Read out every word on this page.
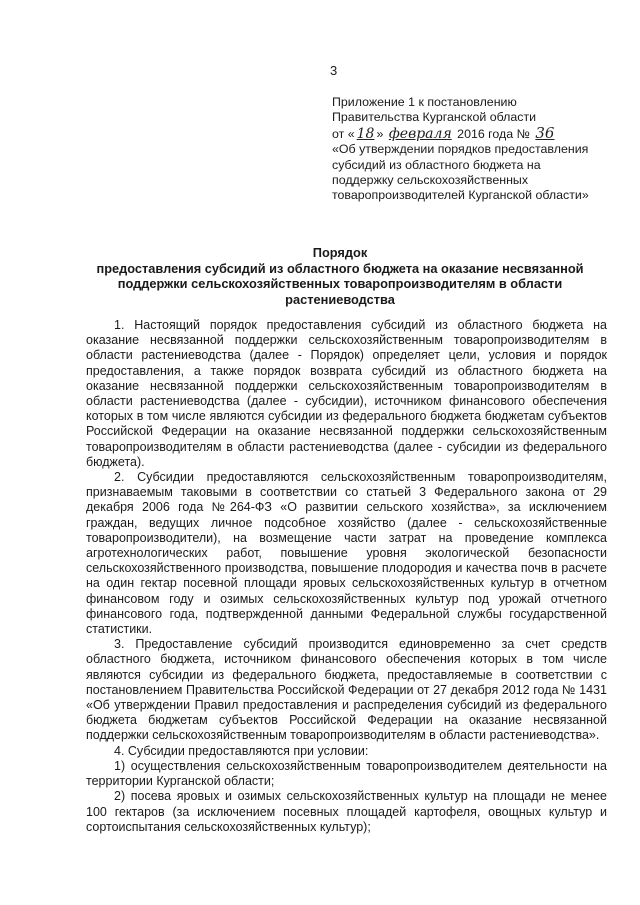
3
Приложение 1 к постановлению
Правительства Курганской области
от « 18 » февраля 2016 года № 36
«Об утверждении порядков предоставления
субсидий из областного бюджета на
поддержку сельскохозяйственных
товаропроизводителей Курганской области»
Порядок
предоставления субсидий из областного бюджета на оказание несвязанной
поддержки сельскохозяйственных товаропроизводителям в области
растениеводства

1. Настоящий порядок предоставления субсидий из областного бюджета на оказание несвязанной поддержки сельскохозяйственным товаропроизводителям в области растениеводства (далее - Порядок) определяет цели, условия и порядок предоставления, а также порядок возврата субсидий из областного бюджета на оказание несвязанной поддержки сельскохозяйственным товаропроизводителям в области растениеводства (далее - субсидии), источником финансового обеспечения которых в том числе являются субсидии из федерального бюджета бюджетам субъектов Российской Федерации на оказание несвязанной поддержки сельскохозяйственным товаропроизводителям в области растениеводства (далее - субсидии из федерального бюджета).

2. Субсидии предоставляются сельскохозяйственным товаропроизводителям, признаваемым таковыми в соответствии со статьей 3 Федерального закона от 29 декабря 2006 года №264-ФЗ «О развитии сельского хозяйства», за исключением граждан, ведущих личное подсобное хозяйство (далее - сельскохозяйственные товаропроизводители), на возмещение части затрат на проведение комплекса агротехнологических работ, повышение уровня экологической безопасности сельскохозяйственного производства, повышение плодородия и качества почв в расчете на один гектар посевной площади яровых сельскохозяйственных культур в отчетном финансовом году и озимых сельскохозяйственных культур под урожай отчетного финансового года, подтвержденной данными Федеральной службы государственной статистики.

3. Предоставление субсидий производится единовременно за счет средств областного бюджета, источником финансового обеспечения которых в том числе являются субсидии из федерального бюджета, предоставляемые в соответствии с постановлением Правительства Российской Федерации от 27 декабря 2012 года № 1431 «Об утверждении Правил предоставления и распределения субсидий из федерального бюджета бюджетам субъектов Российской Федерации на оказание несвязанной поддержки сельскохозяйственным товаропроизводителям в области растениеводства».

4. Субсидии предоставляются при условии:

1) осуществления сельскохозяйственным товаропроизводителем деятельности на территории Курганской области;

2) посева яровых и озимых сельскохозяйственных культур на площади не менее 100 гектаров (за исключением посевных площадей картофеля, овощных культур и сортоиспытания сельскохозяйственных культур);
